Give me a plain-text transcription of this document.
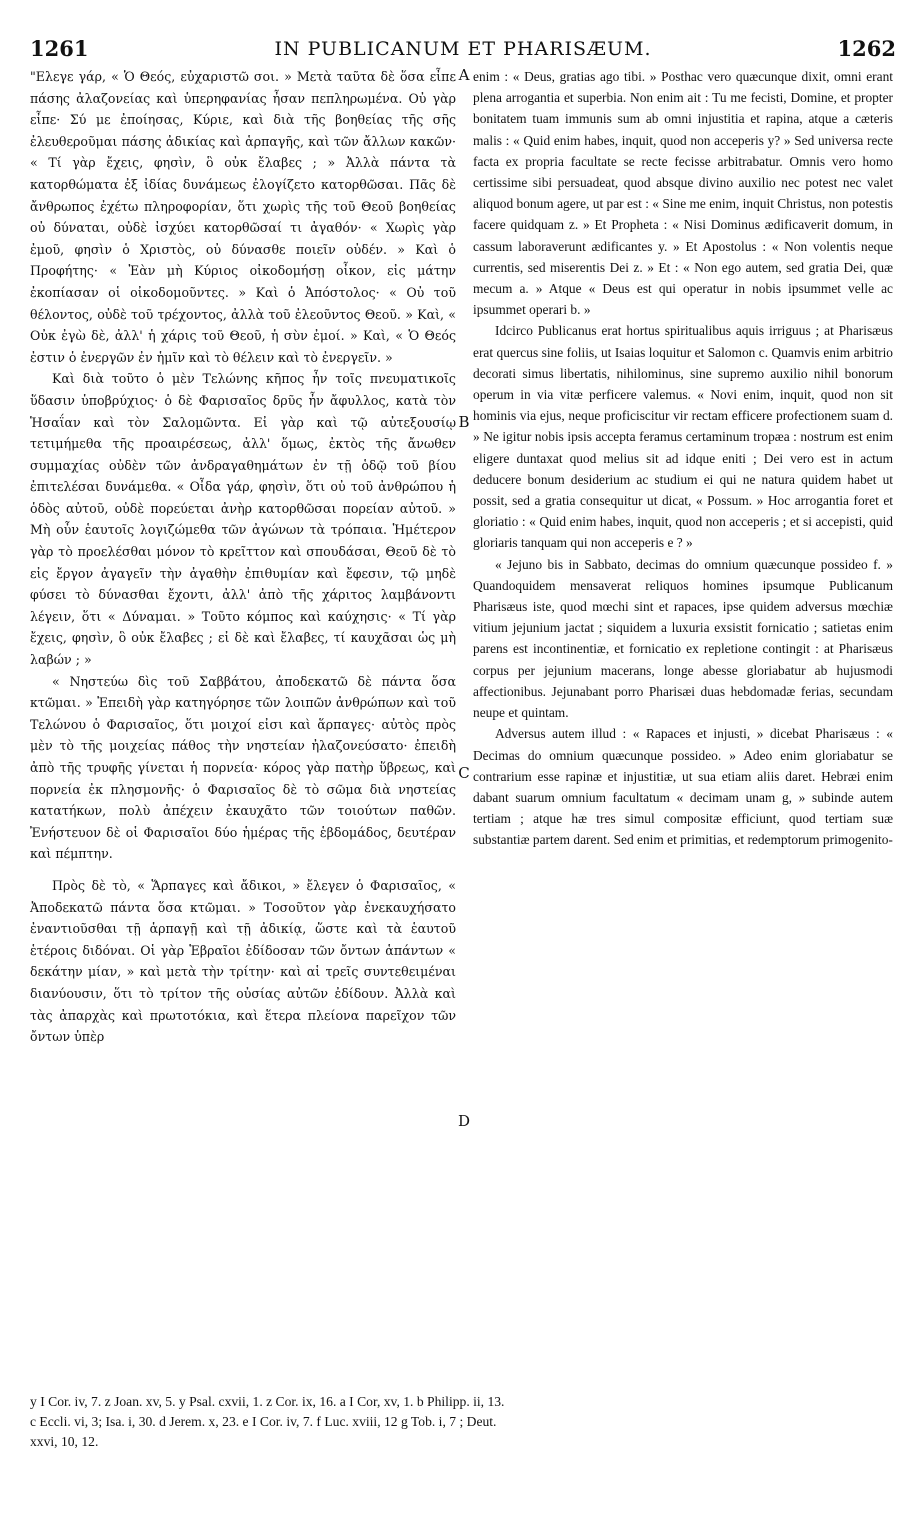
1261	IN PUBLICANUM ET PHARISÆUM.	1262

"Ελεγε γάρ, « Ὁ Θεός, εὐχαριστῶ σοι. » Μετὰ ταῦτα δὲ ὅσα εἶπε πάσης ἀλαζονείας καὶ ὑπερηφανίας ἦσαν πεπληρωμένα. Οὐ γὰρ εἶπε· Σύ με ἐποίησας, Κύριε, καὶ διὰ τῆς βοηθείας τῆς σῆς ἐλευθεροῦμαι πάσης ἀδικίας καὶ ἁρπαγῆς, καὶ τῶν ἄλλων κακῶν· « Τί γὰρ ἔχεις, φησὶν, ὃ οὐκ ἔλαβες ; » Ἀλλὰ πάντα τὰ κατορθώματα ἐξ ἰδίας δυνάμεως ἐλογίζετο κατορθῶσαι. Πᾶς δὲ ἄνθρωπος ἐχέτω πληροφορίαν, ὅτι χωρὶς τῆς τοῦ Θεοῦ βοηθείας οὐ δύναται, οὐδὲ ἰσχύει κατορθῶσαί τι ἀγαθόν· « Χωρὶς γὰρ ἐμοῦ, φησὶν ὁ Χριστὸς, οὐ δύνασθε ποιεῖν οὐδέν. » Καὶ ὁ Προφήτης· « Ἐὰν μὴ Κύριος οἰκοδομήσῃ οἶκον, εἰς μάτην ἐκοπίασαν οἱ οἰκοδομοῦντες. » Καὶ ὁ Ἀπόστολος· « Οὐ τοῦ θέλοντος, οὐδὲ τοῦ τρέχοντος, ἀλλὰ τοῦ ἐλεοῦντος Θεοῦ. » Καὶ, « Οὐκ ἐγὼ δὲ, ἀλλ' ἡ χάρις τοῦ Θεοῦ, ἡ σὺν ἐμοί. » Καὶ, « Ὁ Θεός ἐστιν ὁ ἐνεργῶν ἐν ἡμῖν καὶ τὸ θέλειν καὶ τὸ ἐνεργεῖν. »

Καὶ διὰ τοῦτο ὁ μὲν Τελώνης κῆπος ἦν τοῖς πνευματικοῖς ὕδασιν ὑποβρύχιος· ὁ δὲ Φαρισαῖος δρῦς ἦν ἄφυλλος, κατὰ τὸν Ἡσαΐαν καὶ τὸν Σαλομῶντα. Εἰ γὰρ καὶ τῷ αὐτεξουσίῳ τετιμήμεθα τῆς προαιρέσεως, ἀλλ' ὅμως, ἐκτὸς τῆς ἄνωθεν συμμαχίας οὐδὲν τῶν ἀνδραγαθημάτων ἐν τῇ ὁδῷ τοῦ βίου ἐπιτελέσαι δυνάμεθα. « Οἶδα γάρ, φησὶν, ὅτι οὐ τοῦ ἀνθρώπου ἡ ὁδὸς αὐτοῦ, οὐδὲ πορεύεται ἀνὴρ κατορθῶσαι πορείαν αὐτοῦ. » Μὴ οὖν ἑαυτοῖς λογιζώμεθα τῶν ἀγώνων τὰ τρόπαια. Ἡμέτερον γὰρ τὸ προελέσθαι μόνον τὸ κρεῖττον καὶ σπουδάσαι, Θεοῦ δὲ τὸ εἰς ἔργον ἀγαγεῖν τὴν ἀγαθὴν ἐπιθυμίαν καὶ ἔφεσιν, τῷ μηδὲ φύσει τὸ δύνασθαι ἔχοντι, ἀλλ' ἀπὸ τῆς χάριτος λαμβάνοντι λέγειν, ὅτι « Δύναμαι. » Τοῦτο κόμπος καὶ καύχησις· « Τί γὰρ ἔχεις, φησὶν, ὃ οὐκ ἔλαβες ; εἰ δὲ καὶ ἔλαβες, τί καυχᾶσαι ὡς μὴ λαβών ; »

« Νηστεύω δὶς τοῦ Σαββάτου, ἀποδεκατῶ δὲ πάντα ὅσα κτῶμαι. » Ἐπειδὴ γὰρ κατηγόρησε τῶν λοιπῶν ἀνθρώπων καὶ τοῦ Τελώνου ὁ Φαρισαῖος, ὅτι μοιχοί εἰσι καὶ ἅρπαγες· αὐτὸς πρὸς μὲν τὸ τῆς μοιχείας πάθος τὴν νηστείαν ἠλαζονεύσατο· ἐπειδὴ ἀπὸ τῆς τρυφῆς γίνεται ἡ πορνεία· κόρος γὰρ πατὴρ ὕβρεως, καὶ πορνεία ἐκ πλησμονῆς· ὁ Φαρισαῖος δὲ τὸ σῶμα διὰ νηστείας κατατήκων, πολὺ ἀπέχειν ἐκαυχᾶτο τῶν τοιούτων παθῶν. Ἐνήστευον δὲ οἱ Φαρισαῖοι δύο ἡμέρας τῆς ἑβδομάδος, δευτέραν καὶ πέμπτην.

Πρὸς δὲ τὸ, « Ἅρπαγες καὶ ἄδικοι, » ἔλεγεν ὁ Φαρισαῖος, « Ἀποδεκατῶ πάντα ὅσα κτῶμαι. » Τοσοῦτον γὰρ ἐνεκαυχήσατο ἐναντιοῦσθαι τῇ ἁρπαγῇ καὶ τῇ ἀδικίᾳ, ὥστε καὶ τὰ ἑαυτοῦ ἑτέροις διδόναι. Οἱ γὰρ Ἑβραῖοι ἐδίδοσαν τῶν ὄντων ἁπάντων « δεκάτην μίαν, » καὶ μετὰ τὴν τρίτην· καὶ αἱ τρεῖς συντεθειμέναι διανύουσιν, ὅτι τὸ τρίτον τῆς οὐσίας αὐτῶν ἐδίδουν. Ἀλλὰ καὶ τὰς ἀπαρχὰς καὶ πρωτοτόκια, καὶ ἕτερα πλείονα παρεῖχον τῶν ὄντων ὑπὲρ

A
B
C
D

enim : « Deus, gratias ago tibi. » Posthac vero quæcunque dixit, omni erant plena arrogantia et superbia. Non enim ait : Tu me fecisti, Domine, et propter bonitatem tuam immunis sum ab omni injustitia et rapina, atque a cæteris malis : « Quid enim habes, inquit, quod non acceperis y? » Sed universa recte facta ex propria facultate se recte fecisse arbitrabatur. Omnis vero homo certissime sibi persuadeat, quod absque divino auxilio nec potest nec valet aliquod bonum agere, ut par est : « Sine me enim, inquit Christus, non potestis facere quidquam z. » Et Propheta : « Nisi Dominus ædificaverit domum, in cassum laboraverunt ædificantes y. » Et Apostolus : « Non volentis neque currentis, sed miserentis Dei z. » Et : « Non ego autem, sed gratia Dei, quæ mecum a. » Atque « Deus est qui operatur in nobis ipsummet velle ac ipsummet operari b. »

Idcirco Publicanus erat hortus spiritualibus aquis irriguus ; at Pharisæus erat quercus sine foliis, ut Isaias loquitur et Salomon c. Quamvis enim arbitrio decorati simus libertatis, nihilominus, sine supremo auxilio nihil bonorum operum in via vitæ perficere valemus. « Novi enim, inquit, quod non sit hominis via ejus, neque proficiscitur vir rectam efficere profectionem suam d. » Ne igitur nobis ipsis accepta feramus certaminum tropæa : nostrum est enim eligere duntaxat quod melius sit ad idque eniti ; Dei vero est in actum deducere bonum desiderium ac studium ei qui ne natura quidem habet ut possit, sed a gratia consequitur ut dicat, « Possum. » Hoc arrogantia foret et gloriatio : « Quid enim habes, inquit, quod non acceperis ; et si accepisti, quid gloriaris tanquam qui non acceperis e ? »

« Jejuno bis in Sabbato, decimas do omnium quæcunque possideo f. » Quandoquidem mensaverat reliquos homines ipsumque Publicanum Pharisæus iste, quod mœchi sint et rapaces, ipse quidem adversus mœchiæ vitium jejunium jactat ; siquidem a luxuria exsistit fornicatio ; satietas enim parens est incontinentiæ, et fornicatio ex repletione contingit : at Pharisæus corpus per jejunium macerans, longe abesse gloriabatur ab hujusmodi affectionibus. Jejunabant porro Pharisæi duas hebdomadæ ferias, secundam neupe et quintam.

Adversus autem illud : « Rapaces et injusti, » dicebat Pharisæus : « Decimas do omnium quæcunque possideo. » Adeo enim gloriabatur se contrarium esse rapinæ et injustitiæ, ut sua etiam aliis daret. Hebræi enim dabant suarum omnium facultatum « decimam unam g, » subinde autem tertiam ; atque hæ tres simul compositæ efficiunt, quod tertiam suæ substantiæ partem darent. Sed enim et primitias, et redemptorum primogenito-

y I Cor. iv, 7. z Joan. xv, 5. y Psal. cxvii, 1. z Cor. ix, 16. a I Cor, xv, 1. b Philipp. ii, 13.
c Eccli. vi, 3; Isa. i, 30. d Jerem. x, 23. e I Cor. iv, 7. f Luc. xviii, 12 g Tob. i, 7 ; Deut.
xxvi, 10, 12.
